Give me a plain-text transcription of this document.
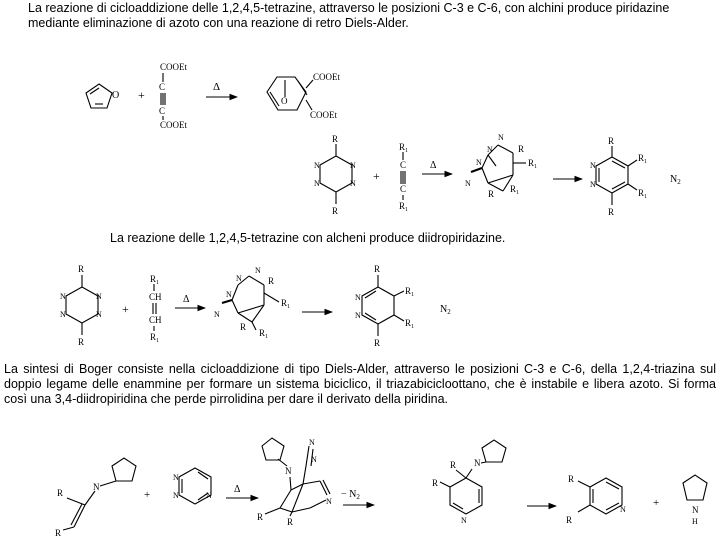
La reazione di cicloaddizione delle 1,2,4,5-tetrazine, attraverso le posizioni C-3 e C-6, con alchini produce piridazine mediante eliminazione di azoto con una reazione di retro Diels-Alder.

La reazione delle 1,2,4,5-tetrazine con alcheni produce diidropiridazine.

La sintesi di Boger consiste nella cicloaddizione di tipo Diels-Alder, attraverso le posizioni C-3 e C-6, della 1,2,4-triazina sul doppio legame delle enammine per formare un sistema biciclico, il triazabicicloottano, che è instabile e libera azoto. Si forma così una 3,4-diidropiridina che perde pirrolidina per dare il derivato della piridina.

O +
COOEt
C
C
COOEt
Δ
O
COOEt
COOEt
R
R
N	N
N	N
+
$R_1$
C
C
$R_1$
Δ
N
N
N
N
R
$R_1$
$R_1$
R
R
$R_1$
$R_1$
R
N
N	$N_2$
R
R
N	N
N	N +
$R_1$
CH
CH
$R_1$
Δ
N
N
N
N
R
$R_1$
$R_1$
R
R
$R_1$
$R_1$
R
N
N
$N_2$
N
R
R
+
N
N	N
Δ
N
N
N
N
R	R
− $N_2$
N
N
R
R
N
R
R
+
N
H
